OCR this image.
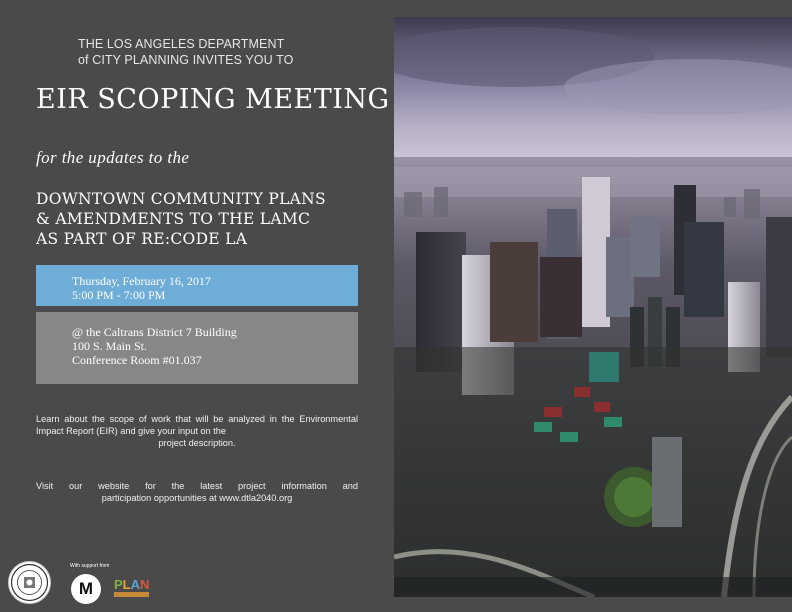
THE LOS ANGELES DEPARTMENT
of CITY PLANNING INVITES YOU TO
EIR SCOPING MEETING
for the updates to the
DOWNTOWN COMMUNITY PLANS
& AMENDMENTS TO THE LAMC
AS PART OF RE:CODE LA
Thursday, February 16, 2017
5:00 PM - 7:00 PM
@ the Caltrans District 7 Building
100 S. Main St.
Conference Room #01.037
Learn about the scope of work that will be analyzed in the Environmental Impact Report (EIR) and give your input on the
project description.
Visit our website for the latest project information and
participation opportunities at www.dtla2040.org
With support from
M	PLAN
